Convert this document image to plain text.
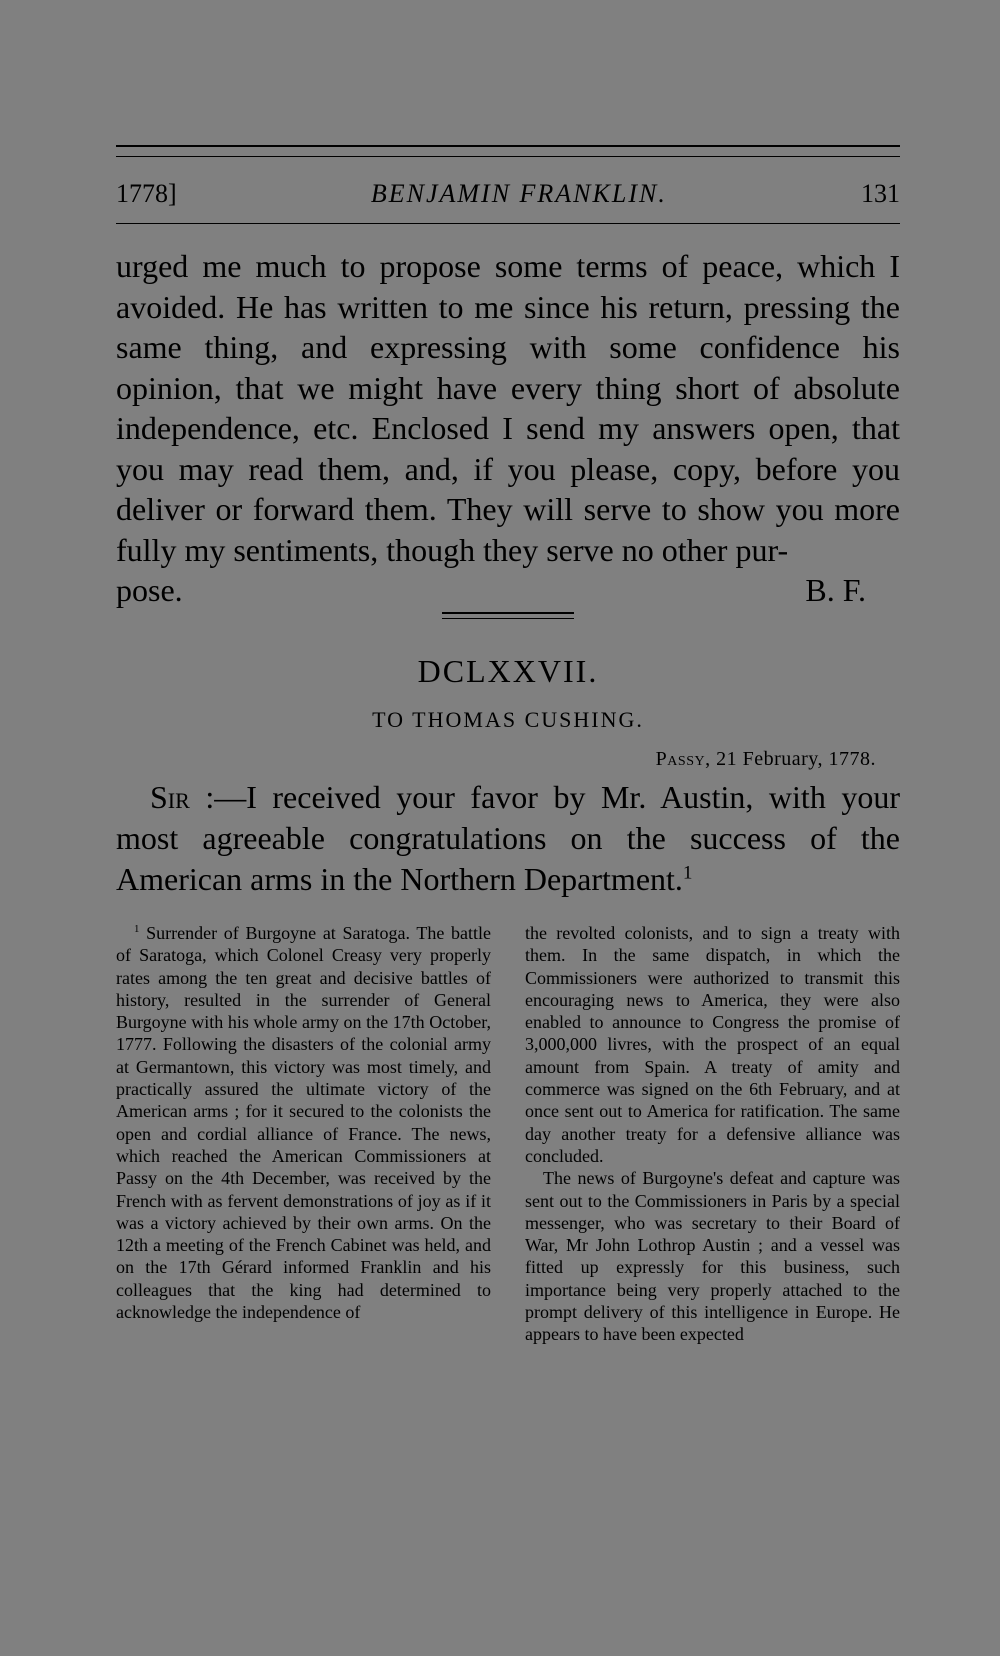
1778]	BENJAMIN FRANKLIN.	131

urged me much to propose some terms of peace, which I avoided. He has written to me since his return, pressing the same thing, and expressing with some confidence his opinion, that we might have every thing short of absolute independence, etc. Enclosed I send my answers open, that you may read them, and, if you please, copy, before you deliver or forward them. They will serve to show you more fully my sentiments, though they serve no other pur-

pose.	B. F.
DCLXXVII.
TO THOMAS CUSHING.
Passy, 21 February, 1778.
Sir :—I received your favor by Mr. Austin, with your most agreeable congratulations on the success of the American arms in the Northern Department.$^1$

$^1$ Surrender of Burgoyne at Saratoga. The battle of Saratoga, which Colonel Creasy very properly rates among the ten great and decisive battles of history, resulted in the surrender of General Burgoyne with his whole army on the 17th October, 1777. Following the disasters of the colonial army at Germantown, this victory was most timely, and practically assured the ultimate victory of the American arms ; for it secured to the colonists the open and cordial alliance of France. The news, which reached the American Commissioners at Passy on the 4th December, was received by the French with as fervent demonstrations of joy as if it was a victory achieved by their own arms. On the 12th a meeting of the French Cabinet was held, and on the 17th Gérard informed Franklin and his colleagues that the king had determined to acknowledge the independence of

the revolted colonists, and to sign a treaty with them. In the same dispatch, in which the Commissioners were authorized to transmit this encouraging news to America, they were also enabled to announce to Congress the promise of 3,000,000 livres, with the prospect of an equal amount from Spain. A treaty of amity and commerce was signed on the 6th February, and at once sent out to America for ratification. The same day another treaty for a defensive alliance was concluded.

The news of Burgoyne's defeat and capture was sent out to the Commissioners in Paris by a special messenger, who was secretary to their Board of War, Mr John Lothrop Austin ; and a vessel was fitted up expressly for this business, such importance being very properly attached to the prompt delivery of this intelligence in Europe. He appears to have been expected
